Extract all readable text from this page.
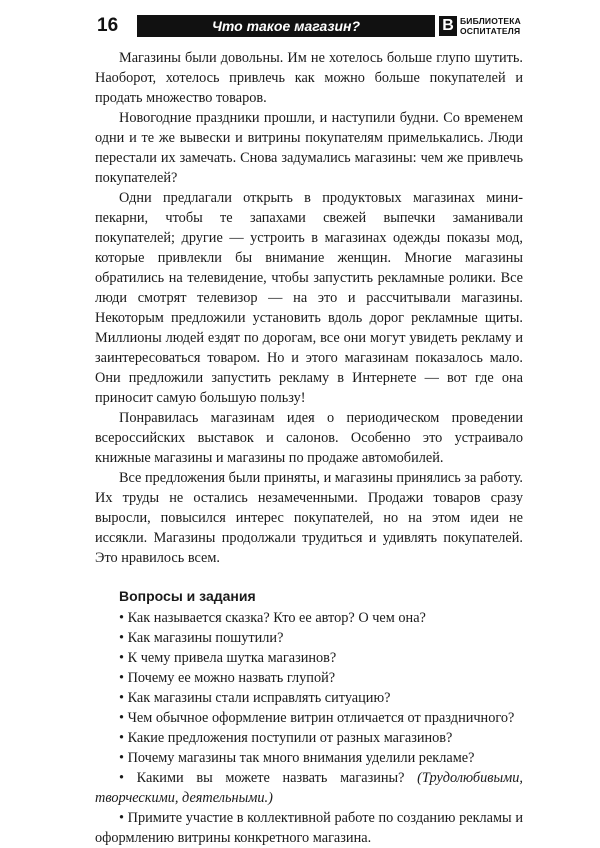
16	Что такое магазин?	В БИБЛИОТЕКА
ОСПИТАТЕЛЯ

Магазины были довольны. Им не хотелось больше глупо шутить. Наоборот, хотелось привлечь как можно больше покупателей и продать множество товаров.

Новогодние праздники прошли, и наступили будни. Со временем одни и те же вывески и витрины покупателям примелькались. Люди перестали их замечать. Снова задумались магазины: чем же привлечь покупателей?

Одни предлагали открыть в продуктовых магазинах мини-пекарни, чтобы те запахами свежей выпечки заманивали покупателей; другие — устроить в магазинах одежды показы мод, которые привлекли бы внимание женщин. Многие магазины обратились на телевидение, чтобы запустить рекламные ролики. Все люди смотрят телевизор — на это и рассчитывали магазины. Некоторым предложили установить вдоль дорог рекламные щиты. Миллионы людей ездят по дорогам, все они могут увидеть рекламу и заинтересоваться товаром. Но и этого магазинам показалось мало. Они предложили запустить рекламу в Интернете — вот где она приносит самую большую пользу!

Понравилась магазинам идея о периодическом проведении всероссийских выставок и салонов. Особенно это устраивало книжные магазины и магазины по продаже автомобилей.

Все предложения были приняты, и магазины принялись за работу. Их труды не остались незамеченными. Продажи товаров сразу выросли, повысился интерес покупателей, но на этом идеи не иссякли. Магазины продолжали трудиться и удивлять покупателей. Это нравилось всем.

Вопросы и задания
• Как называется сказка? Кто ее автор? О чем она?
• Как магазины пошутили?
• К чему привела шутка магазинов?
• Почему ее можно назвать глупой?
• Как магазины стали исправлять ситуацию?
• Чем обычное оформление витрин отличается от праздничного?
• Какие предложения поступили от разных магазинов?
• Почему магазины так много внимания уделили рекламе?
• Какими вы можете назвать магазины? (Трудолюбивыми, творческими, деятельными.)
• Примите участие в коллективной работе по созданию рекламы и оформлению витрины конкретного магазина.
